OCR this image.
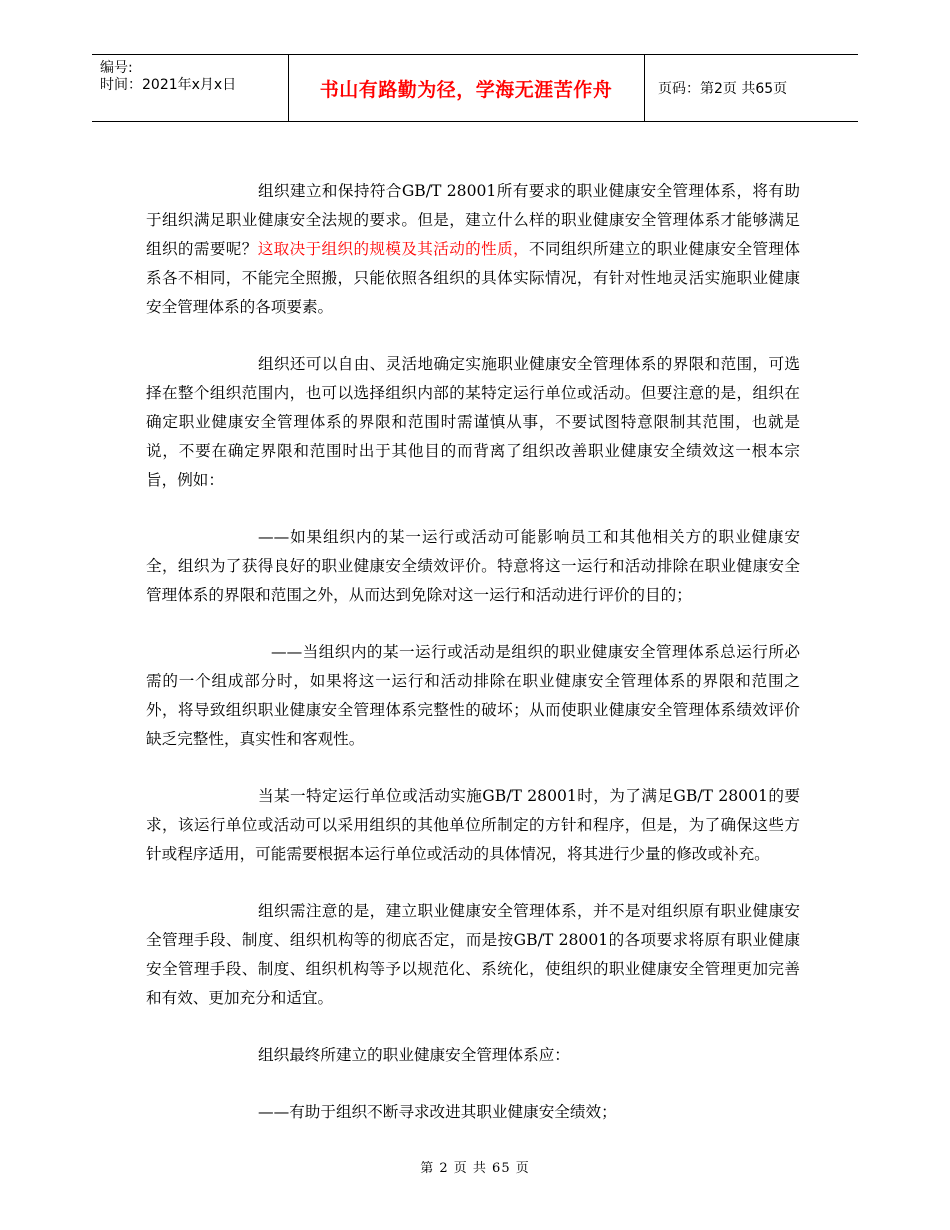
编号:
时间：2021年x月x日	书山有路勤为径，学海无涯苦作舟	页码：第2页 共65页

组织建立和保持符合GB/T 28001所有要求的职业健康安全管理体系，将有助于组织满足职业健康安全法规的要求。但是，建立什么样的职业健康安全管理体系才能够满足组织的需要呢？这取决于组织的规模及其活动的性质，不同组织所建立的职业健康安全管理体系各不相同，不能完全照搬，只能依照各组织的具体实际情况，有针对性地灵活实施职业健康安全管理体系的各项要素。

组织还可以自由、灵活地确定实施职业健康安全管理体系的界限和范围，可选择在整个组织范围内，也可以选择组织内部的某特定运行单位或活动。但要注意的是，组织在确定职业健康安全管理体系的界限和范围时需谨慎从事，不要试图特意限制其范围，也就是说，不要在确定界限和范围时出于其他目的而背离了组织改善职业健康安全绩效这一根本宗旨，例如：

——如果组织内的某一运行或活动可能影响员工和其他相关方的职业健康安全，组织为了获得良好的职业健康安全绩效评价。特意将这一运行和活动排除在职业健康安全管理体系的界限和范围之外，从而达到免除对这一运行和活动进行评价的目的；

——当组织内的某一运行或活动是组织的职业健康安全管理体系总运行所必需的一个组成部分时，如果将这一运行和活动排除在职业健康安全管理体系的界限和范围之外，将导致组织职业健康安全管理体系完整性的破坏；从而使职业健康安全管理体系绩效评价缺乏完整性，真实性和客观性。

当某一特定运行单位或活动实施GB/T 28001时，为了满足GB/T 28001的要求，该运行单位或活动可以采用组织的其他单位所制定的方针和程序，但是，为了确保这些方针或程序适用，可能需要根据本运行单位或活动的具体情况，将其进行少量的修改或补充。

组织需注意的是，建立职业健康安全管理体系，并不是对组织原有职业健康安全管理手段、制度、组织机构等的彻底否定，而是按GB/T 28001的各项要求将原有职业健康安全管理手段、制度、组织机构等予以规范化、系统化，使组织的职业健康安全管理更加完善和有效、更加充分和适宜。

组织最终所建立的职业健康安全管理体系应：

——有助于组织不断寻求改进其职业健康安全绩效；

第 2 页 共 65 页
